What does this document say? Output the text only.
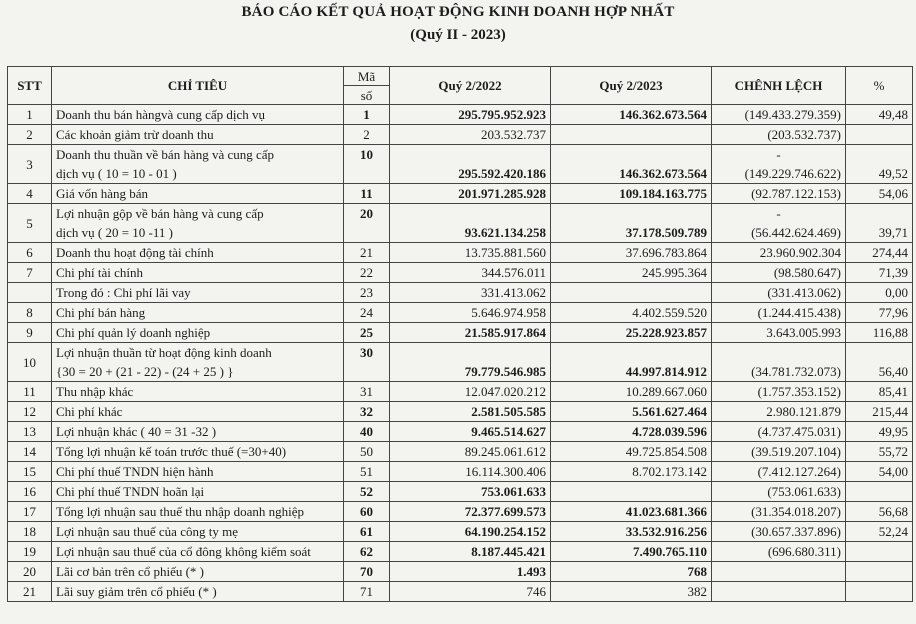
BÁO CÁO KẾT QUẢ HOẠT ĐỘNG KINH DOANH HỢP NHẤT
(Quý II - 2023)
STT	CHỈ TIÊU	Mã	Quý 2/2022	Quý 2/2023	CHÊNH LỆCH	%
		số				
1	Doanh thu bán hàngvà cung cấp dịch vụ	1	295.795.952.923	146.362.673.564	(149.433.279.359)	49,48
2	Các khoản giảm trừ doanh thu	2	203.532.737		(203.532.737)	
3	Doanh thu thuần về bán hàng và cung cấp	10			-	
	dịch vụ ( 10 = 10 - 01 )		295.592.420.186	146.362.673.564	(149.229.746.622)	49,52
4	Giá vốn hàng bán	11	201.971.285.928	109.184.163.775	(92.787.122.153)	54,06
5	Lợi nhuận gộp về bán hàng và cung cấp	20			-	
	dịch vụ ( 20 = 10 -11 )		93.621.134.258	37.178.509.789	(56.442.624.469)	39,71
6	Doanh thu hoạt động tài chính	21	13.735.881.560	37.696.783.864	23.960.902.304	274,44
7	Chi phí tài chính	22	344.576.011	245.995.364	(98.580.647)	71,39
	Trong đó : Chi phí lãi vay	23	331.413.062		(331.413.062)	0,00
8	Chi phí bán hàng	24	5.646.974.958	4.402.559.520	(1.244.415.438)	77,96
9	Chi phí quản lý doanh nghiệp	25	21.585.917.864	25.228.923.857	3.643.005.993	116,88
10	Lợi nhuận thuần từ hoạt động kinh doanh	30				
	{30 = 20 + (21 - 22) - (24 + 25 ) }		79.779.546.985	44.997.814.912	(34.781.732.073)	56,40
11	Thu nhập khác	31	12.047.020.212	10.289.667.060	(1.757.353.152)	85,41
12	Chi phí khác	32	2.581.505.585	5.561.627.464	2.980.121.879	215,44
13	Lợi nhuận khác ( 40 = 31 -32 )	40	9.465.514.627	4.728.039.596	(4.737.475.031)	49,95
14	Tổng lợi nhuận kế toán trước thuế (=30+40)	50	89.245.061.612	49.725.854.508	(39.519.207.104)	55,72
15	Chi phí thuế TNDN hiện hành	51	16.114.300.406	8.702.173.142	(7.412.127.264)	54,00
16	Chi phí thuế TNDN hoãn lại	52	753.061.633		(753.061.633)	
17	Tổng lợi nhuận sau thuế thu nhập doanh nghiệp	60	72.377.699.573	41.023.681.366	(31.354.018.207)	56,68
18	Lợi nhuận sau thuế của công ty mẹ	61	64.190.254.152	33.532.916.256	(30.657.337.896)	52,24
19	Lợi nhuận sau thuế của cổ đông không kiểm soát	62	8.187.445.421	7.490.765.110	(696.680.311)	
20	Lãi cơ bản trên cổ phiếu (* )	70	1.493	768		
21	Lãi suy giảm trên cổ phiếu (* )	71	746	382		
